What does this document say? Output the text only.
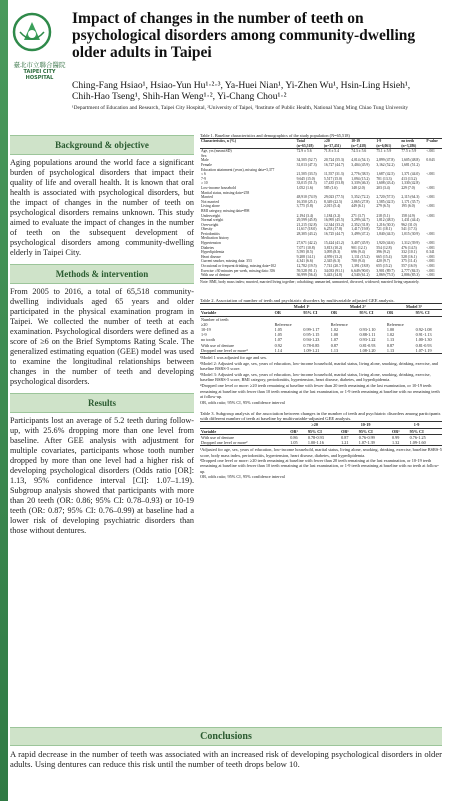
臺北市立聯合醫院
TAIPEI CITY HOSPITAL
Impact of changes in the number of teeth on
psychological disorders among community-dwelling
older adults in Taipei
Ching-Fang Hsiao¹, Hsiao-Yun Hu¹·²·³, Ya-Huei Nian¹, Yi-Zhen Wu¹, Hsin-Ling Hsieh¹,
Chih-Hao Tseng¹, Shih-Han Weng¹·², Yi-Chang Chou¹·²
¹Department of Education and Research, Taipei City Hospital, ²University of Taipei, ³Institute of Public Health, National Yang Ming Chiao Tung University
Background & objective

Aging populations around the world face a significant burden of psychological disorders that impact their quality of life and overall health. It is known that oral health is associated with psychological disorders, but the impact of changes in the number of teeth on psychological disorders remains unknown. This study aimed to evaluate the impact of changes in the number of teeth on the subsequent development of psychological disorders among community-dwelling elderly in Taipei City.

Methods & intervention

From 2005 to 2016, a total of 65,518 community-dwelling individuals aged 65 years and older participated in the physical examination program in Taipei. We collected the number of teeth at each examination. Psychological disorders were defined as a score of ≥6 on the Brief Symptoms Rating Scale. The generalized estimating equation (GEE) model was used to examine the longitudinal relationships between changes in the number of teeth and developing psychological disorders.

Results

Participants lost an average of 5.2 teeth during follow-up, with 25.6% dropping more than one level from baseline. After GEE analysis with adjustment for multiple covariates, participants whose tooth number dropped by more than one level had a higher risk of developing psychological disorders (Odds ratio [OR]: 1.13, 95% confidence interval [CI]: 1.07–1.19). Subgroup analysis showed that participants with more than 20 teeth (OR: 0.86; 95% CI: 0.78–0.93) or 10-19 teeth (OR: 0.87; 95% CI: 0.76–0.99) at baseline had a lower risk of developing psychiatric disorders than those without dentures.

Table 1. Baseline characteristics and demographics of the study population (N=65,518)
Characteristics, n (%)	Total	≥20	10-19	1-9	no teeth	P value
	(n=65,518)	(n=37,451)	(n=7,418)	(n=6,061)	(n=3,286)	
Age, yrs (mean±SD)	72.9 ± 5.6	71.8 ± 5.4	74.3 ± 5.6	75.1 ± 5.9	77.5 ± 5.9	<.001
Sex						
Male	34,505 (52.7)	20,724 (55.3)	4,014 (54.1)	2,899 (47.8)	1,605 (48.8)	0.043
Female	31,013 (47.3)	16,727 (44.7)	3,404 (45.9)	3,162 (52.2)	1,681 (51.2)	
Education attainment (years), missing data=3,377						
≤ 6	21,505 (33.5)	11,557 (31.3)	2,776 (38.5)	1,687 (42.5)	1,371 (44.0)	<.001
7-9	9,645 (15.0)	5,517 (15.0)	1,094 (15.2)	701 (13.3)	413 (13.2)	
≥ 10	33,015 (51.5)	17,435 (53.8)	3,339 (46.3)	1,608 (43.4)	1,330 (42.8)	
Low-income household	1,052 (1.6)	585 (1.6)	148 (2.0)	203 (3.4)	229 (7.0)	<.001
Marital status, missing data=258						
Married	48,910 (74.9)	29,023 (77.5)	5,352 (72.2)	2,720 (57.5)	2,115 (64.3)	<.001
Not married	16,350 (25.1)	8,349 (22.5)	2,065 (27.8)	1,585 (42.5)	1,171 (35.7)	
Living alone	3,775 (5.8)	2,015 (5.4)	449 (6.1)	279 (6.5)	195 (6.0)	<.001
BMI category, missing data=898						
Underweight	2,194 (3.4)	1,184 (3.2)	271 (3.7)	218 (5.1)	158 (4.9)	<.001
Normal weight	29,599 (45.8)	16,995 (45.5)	3,299 (44.7)	1,812 (48.5)	1,431 (44.4)	
Overweight	21,215 (32.8)	12,344 (33.2)	2,352 (31.8)	1,216 (30.3)	962 (31.0)	
Obesity	11,617 (18.0)	6,253 (17.8)	1,417 (19.8)	721 (18.1)	541 (17.3)	
Periodontitis	28,305 (43.2)	16,725 (44.7)	3,499 (47.2)	1,840 (44.5)	1,015 (30.9)	<.001
Medication history						
Hypertension	27,671 (42.2)	15,424 (41.2)	3,407 (45.9)	1,920 (44.6)	1,312 (39.9)	<.001
Diabetes	7,071 (10.8)	3,813 (10.2)	901 (12.1)	554 (12.8)	476 (14.5)	<.001
Hyperlipidemia	5,595 (8.5)	3,095 (8.3)	696 (9.4)	396 (9.2)	332 (10.1)	0.341
Heart disease	9,208 (14.1)	4,959 (13.2)	1,131 (15.2)	665 (15.4)	528 (16.1)	<.001
Current smoker, missing data: 353	4,341 (6.6)	2,345 (6.3)	700 (9.4)	420 (9.7)	375 (11.4)	<.001
Occasional or frequent drinking, missing data=102	12,782 (19.5)	7,741 (20.7)	1,391 (18.8)	655 (15.2)	557 (16.9)	<.001
Exercise ≥30 minutes per week, missing data: 356	59,528 (91.1)	34,033 (91.1)	6,649 (90.0)	3,901 (89.7)	2,777 (84.5)	<.001
With use of denture	36,999 (56.4)	5,443 (14.8)	4,540 (61.2)	2,869 (75.5)	2,806 (85.3)	<.001
Note: BMI, body mass index; married, married living together; cohabiting; unmarried, unmarried, divorced, widowed; married living separately.
Table 2. Association of number of teeth and psychiatric disorders by multivariable adjusted GEE analysis.
	Model 1¹		Model 2²		Model 3³	
Variable	OR	95% CI	OR	95% CI	OR	95% CI
Number of teeth						
≥20	Reference		Reference		Reference	
10-19	1.05	0.99-1.17	1.02	0.93-1.10	1.00	0.92-1.08
1-9	1.05	0.95-1.15	1.00	0.88-1.11	1.02	0.91-1.13
no tooth	1.07	0.94-1.23	1.07	0.93-1.22	1.13	1.00-1.30
With use of denture	0.92	0.78-0.85	0.87	0.81-0.93	0.87	0.81-0.93
Dropped one level or more⁴	1.14	1.09-1.21	1.13	1.08-1.20	1.13	1.07-1.19
¹Model 1 was adjusted for age and sex.
²Model 2: Adjusted with age, sex, years of education, low-income household, marital status, living alone, smoking, drinking, exercise, and baseline BSRS-5 score.
³Model 3: Adjusted with age, sex, years of education, low-income household, marital status, living alone, smoking, drinking, exercise, baseline BSRS-5 score, BMI category, periodontitis, hypertension, heart disease, diabetes, and hyperlipidemia.
⁴Dropped one level or more: ≥20 teeth remaining at baseline with fewer than 20 teeth remaining at the last examination, or 10-19 teeth remaining at baseline with fewer than 10 teeth remaining at the last examination, or 1-9 teeth remaining at baseline with no remaining teeth at follow-up.
OR, odds ratio; 95% CI, 95% confidence interval
Table 3. Subgroup analysis of the association between changes in the number of teeth and psychiatric disorders among participants with different number of teeth at baseline by multivariable-adjusted GEE analysis.
	≥20		10-19		1-9	
Variable	OR¹	95% CI	OR¹	95% CI	OR¹	95% CI
With use of denture	0.86	0.78-0.93	0.87	0.76-0.99	0.99	0.76-1.25
Dropped one level or more²	1.05	1.00-1.16	1.21	1.07-1.39	1.32	1.09-1.60
¹Adjusted for age, sex, years of education, low-income household, marital status, living alone, smoking, drinking, exercise, baseline BSRS-5 score, body mass index, periodontitis, hypertension, heart disease, diabetes, and hyperlipidemia.
²Dropped one level or more: ≥20 teeth remaining at baseline with fewer than 20 teeth remaining at the last examination, or 10-19 teeth remaining at baseline with fewer than 10 teeth remaining at the last examination, or 1-9 teeth remaining at baseline with no teeth at follow-up.
OR, odds ratio; 95% CI, 95% confidence interval
Conclusions

A rapid decrease in the number of teeth was associated with an increased risk of developing psychological disorders in older adults. Using dentures can reduce this risk until the number of teeth drops below 10.
